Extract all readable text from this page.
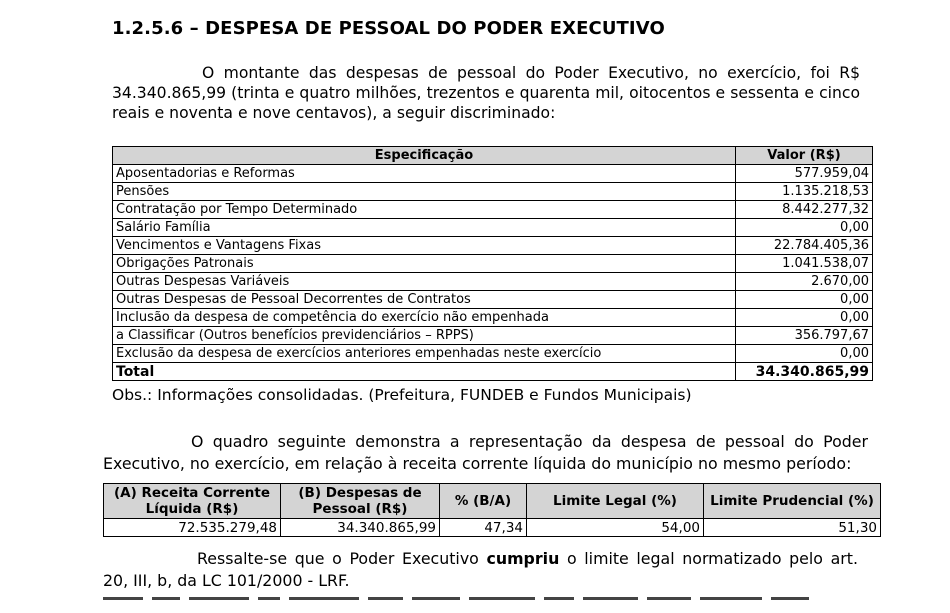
1.2.5.6 – DESPESA DE PESSOAL DO PODER EXECUTIVO
O montante das despesas de pessoal do Poder Executivo, no exercício, foi R$ 34.340.865,99 (trinta e quatro milhões, trezentos e quarenta mil, oitocentos e sessenta e cinco reais e noventa e nove centavos), a seguir discriminado:
Especificação	Valor (R$)
Aposentadorias e Reformas	577.959,04
Pensões	1.135.218,53
Contratação por Tempo Determinado	8.442.277,32
Salário Família	0,00
Vencimentos e Vantagens Fixas	22.784.405,36
Obrigações Patronais	1.041.538,07
Outras Despesas Variáveis	2.670,00
Outras Despesas de Pessoal Decorrentes de Contratos	0,00
Inclusão da despesa de competência do exercício não empenhada	0,00
a Classificar (Outros benefícios previdenciários – RPPS)	356.797,67
Exclusão da despesa de exercícios anteriores empenhadas neste exercício	0,00
Total	34.340.865,99
Obs.: Informações consolidadas. (Prefeitura, FUNDEB e Fundos Municipais)
O quadro seguinte demonstra a representação da despesa de pessoal do Poder Executivo, no exercício, em relação à receita corrente líquida do município no mesmo período:
(A) Receita Corrente Líquida (R$)	(B) Despesas de Pessoal (R$)	% (B/A)	Limite Legal (%)	Limite Prudencial (%)
72.535.279,48	34.340.865,99	47,34	54,00	51,30
Ressalte-se que o Poder Executivo cumpriu o limite legal normatizado pelo art. 20, III, b, da LC 101/2000 - LRF.
